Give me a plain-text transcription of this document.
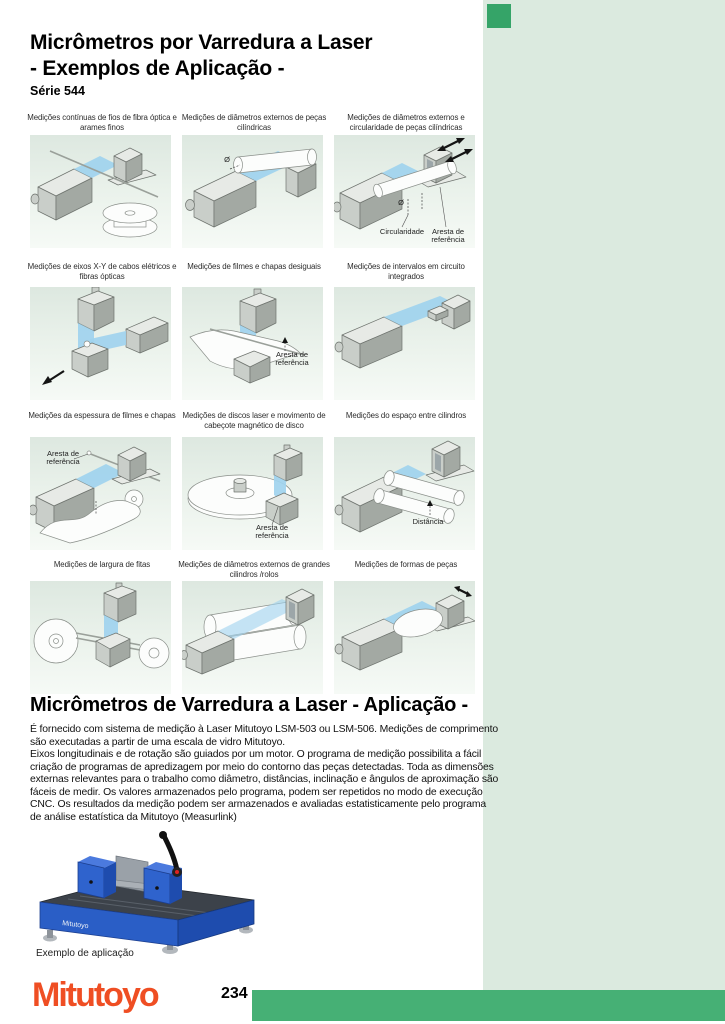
Micrômetros por Varredura a Laser
- Exemplos de Aplicação -
Série 544
Medições contínuas de fios de fibra óptica e arames finos
Medições de diâmetros externos de peças cilíndricas
Medições de diâmetros externos e circularidade de peças cilíndricas
Medições de eixos X-Y de cabos elétricos e fibras ópticas
Medições de filmes e chapas desiguais	Medições de intervalos em circuito integrados
Medições da espessura de filmes e chapas Medições de discos laser e movimento de cabeçote magnético de disco
Medições do espaço entre cilindros
Medições de largura de fitas	Medições de diâmetros externos de grandes cilindros /rolos
Medições de formas de peças
Ø
Ø
Circularidade	Aresta de referência
Aresta de referência
Aresta de referência
Aresta de referência
Distância
Micrômetros de Varredura a Laser - Aplicação -
É fornecido com sistema de medição à Laser Mitutoyo LSM-503 ou LSM-506. Medições de comprimento são executadas a partir de uma escala de vidro Mitutoyo.
Eixos longitudinais e de rotação são guiados por um motor. O programa de medição possibilita a fácil criação de programas de apredizagem por meio do contorno das peças detectadas. Toda as dimensões externas relevantes para o trabalho como diâmetro, distâncias, inclinação e ângulos de aproximação são fáceis de medir. Os valores armazenados pelo programa, podem ser repetidos no modo de execução CNC. Os resultados da medição podem ser armazenados e avaliadas estatisticamente pelo programa de análise estatística da Mitutoyo (Measurlink)
Mitutoyo
Exemplo de aplicação
Mitutoyo	234
